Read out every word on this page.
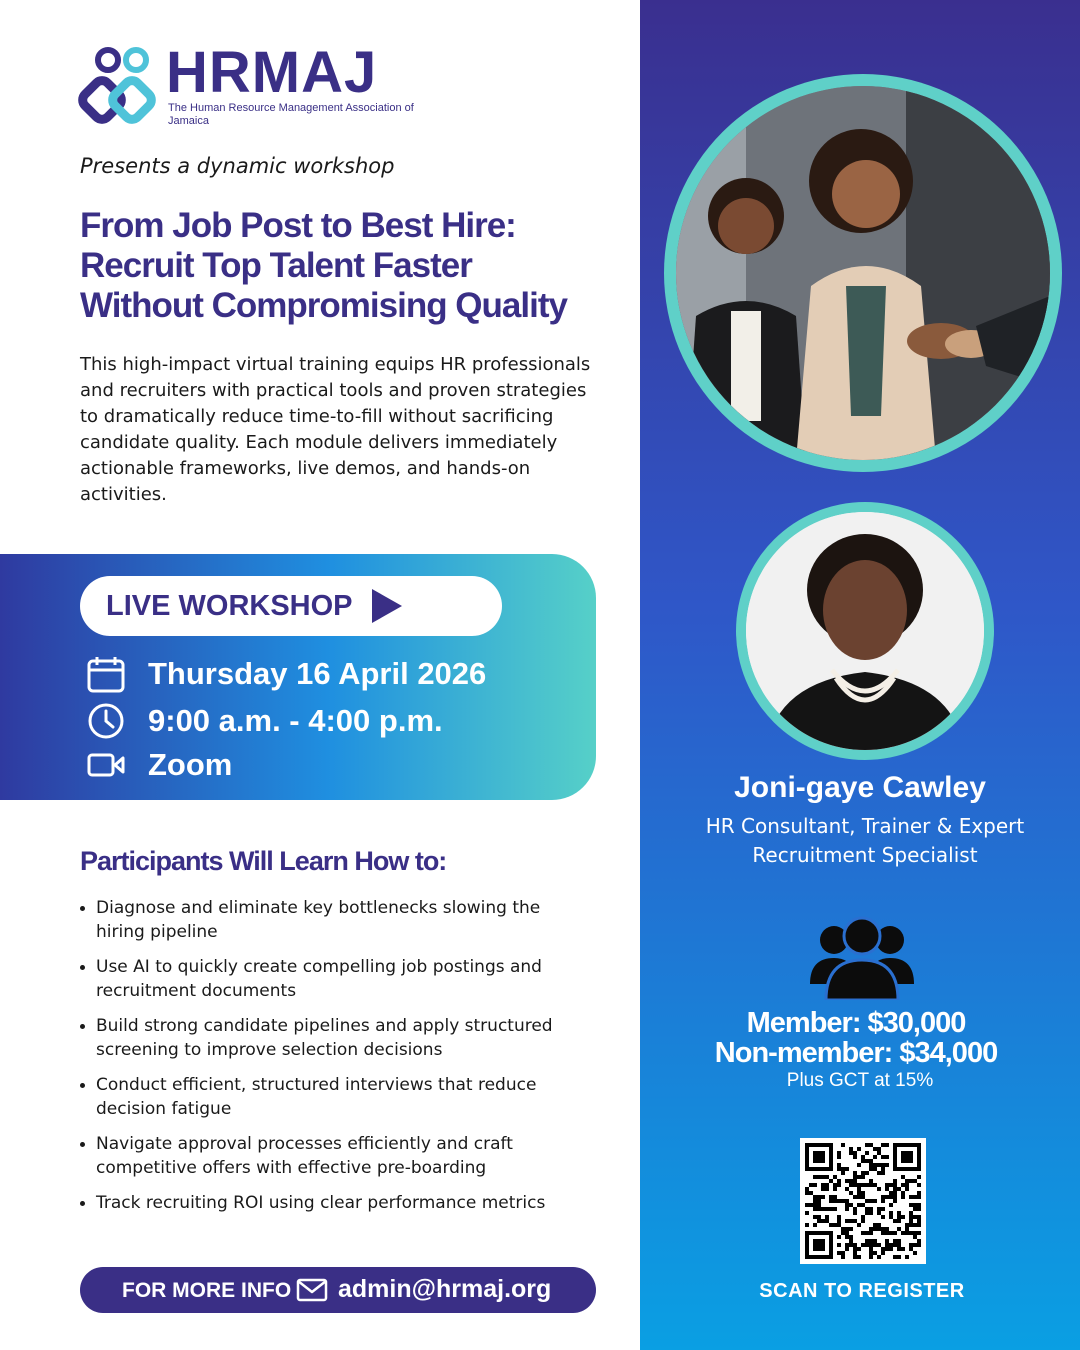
HRMAJ
The Human Resource Management Association of Jamaica
Presents a dynamic workshop
From Job Post to Best Hire:
Recruit Top Talent Faster
Without Compromising Quality

This high-impact virtual training equips HR professionals and recruiters with practical tools and proven strategies to dramatically reduce time-to-fill without sacrificing candidate quality. Each module delivers immediately actionable frameworks, live demos, and hands-on activities.

LIVE WORKSHOP
Thursday 16 April 2026
9:00 a.m. - 4:00 p.m.
Zoom
Participants Will Learn How to:
Diagnose and eliminate key bottlenecks slowing the hiring pipeline
Use AI to quickly create compelling job postings and recruitment documents
Build strong candidate pipelines and apply structured screening to improve selection decisions
Conduct efficient, structured interviews that reduce decision fatigue
Navigate approval processes efficiently and craft competitive offers with effective pre-boarding
Track recruiting ROI using clear performance metrics
FOR MORE INFO admin@hrmaj.org
Joni-gaye Cawley
HR Consultant, Trainer & Expert Recruitment Specialist
Member: $30,000
Non-member: $34,000
Plus GCT at 15%
SCAN TO REGISTER
